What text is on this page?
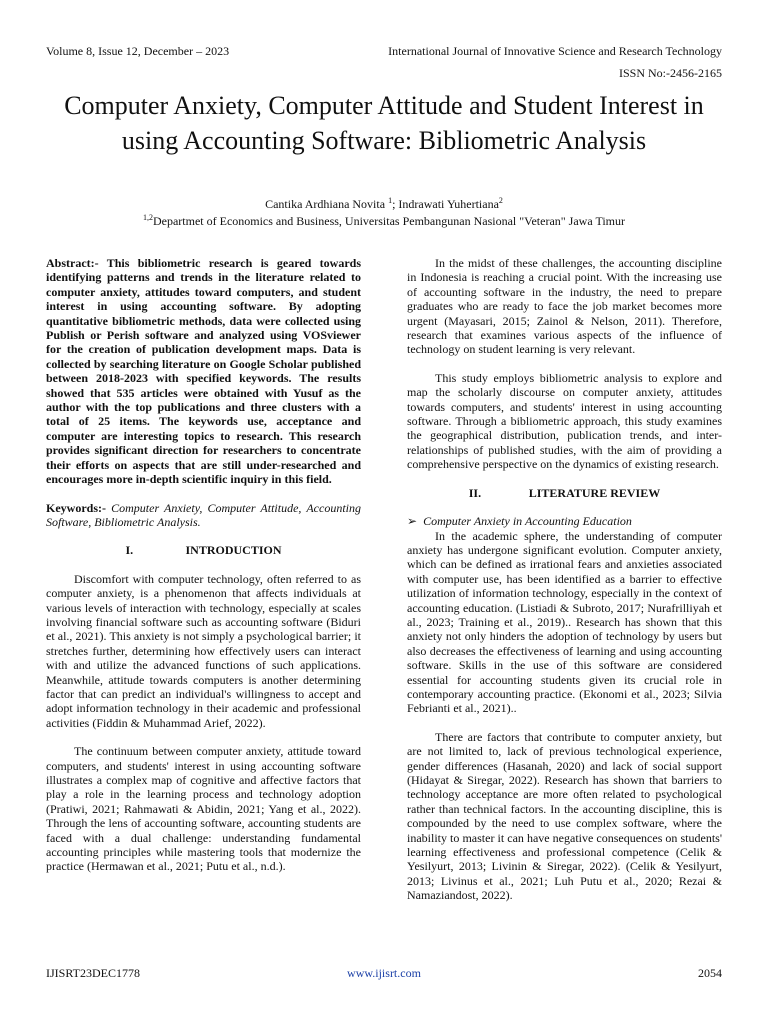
Volume 8, Issue 12, December – 2023	International Journal of Innovative Science and Research Technology
ISSN No:-2456-2165
Computer Anxiety, Computer Attitude and Student Interest in using Accounting Software: Bibliometric Analysis
Cantika Ardhiana Novita $^1$; Indrawati Yuhertiana$^2$
$^{1,2}$Departmet of Economics and Business, Universitas Pembangunan Nasional "Veteran" Jawa Timur

Abstract:- This bibliometric research is geared towards identifying patterns and trends in the literature related to computer anxiety, attitudes toward computers, and student interest in using accounting software. By adopting quantitative bibliometric methods, data were collected using Publish or Perish software and analyzed using VOSviewer for the creation of publication development maps. Data is collected by searching literature on Google Scholar published between 2018-2023 with specified keywords. The results showed that 535 articles were obtained with Yusuf as the author with the top publications and three clusters with a total of 25 items. The keywords use, acceptance and computer are interesting topics to research. This research provides significant direction for researchers to concentrate their efforts on aspects that are still under-researched and encourages more in-depth scientific inquiry in this field.

Keywords:- Computer Anxiety, Computer Attitude, Accounting Software, Bibliometric Analysis.

I.	INTRODUCTION

Discomfort with computer technology, often referred to as computer anxiety, is a phenomenon that affects individuals at various levels of interaction with technology, especially at scales involving financial software such as accounting software (Biduri et al., 2021). This anxiety is not simply a psychological barrier; it stretches further, determining how effectively users can interact with and utilize the advanced functions of such applications. Meanwhile, attitude towards computers is another determining factor that can predict an individual's willingness to accept and adopt information technology in their academic and professional activities (Fiddin & Muhammad Arief, 2022).

The continuum between computer anxiety, attitude toward computers, and students' interest in using accounting software illustrates a complex map of cognitive and affective factors that play a role in the learning process and technology adoption (Pratiwi, 2021; Rahmawati & Abidin, 2021; Yang et al., 2022). Through the lens of accounting software, accounting students are faced with a dual challenge: understanding fundamental accounting principles while mastering tools that modernize the practice (Hermawan et al., 2021; Putu et al., n.d.).

In the midst of these challenges, the accounting discipline in Indonesia is reaching a crucial point. With the increasing use of accounting software in the industry, the need to prepare graduates who are ready to face the job market becomes more urgent (Mayasari, 2015; Zainol & Nelson, 2011). Therefore, research that examines various aspects of the influence of technology on student learning is very relevant.

This study employs bibliometric analysis to explore and map the scholarly discourse on computer anxiety, attitudes towards computers, and students' interest in using accounting software. Through a bibliometric approach, this study examines the geographical distribution, publication trends, and inter- relationships of published studies, with the aim of providing a comprehensive perspective on the dynamics of existing research.

II.	LITERATURE REVIEW

➢ Computer Anxiety in Accounting Education

In the academic sphere, the understanding of computer anxiety has undergone significant evolution. Computer anxiety, which can be defined as irrational fears and anxieties associated with computer use, has been identified as a barrier to effective utilization of information technology, especially in the context of accounting education. (Listiadi & Subroto, 2017; Nurafrilliyah et al., 2023; Training et al., 2019).. Research has shown that this anxiety not only hinders the adoption of technology by users but also decreases the effectiveness of learning and using accounting software. Skills in the use of this software are considered essential for accounting students given its crucial role in contemporary accounting practice. (Ekonomi et al., 2023; Silvia Febrianti et al., 2021)..

There are factors that contribute to computer anxiety, but are not limited to, lack of previous technological experience, gender differences (Hasanah, 2020) and lack of social support (Hidayat & Siregar, 2022). Research has shown that barriers to technology acceptance are more often related to psychological rather than technical factors. In the accounting discipline, this is compounded by the need to use complex software, where the inability to master it can have negative consequences on students' learning effectiveness and professional competence (Celik & Yesilyurt, 2013; Livinin & Siregar, 2022). (Celik & Yesilyurt, 2013; Livinus et al., 2021; Luh Putu et al., 2020; Rezai & Namaziandost, 2022).

IJISRT23DEC1778	www.ijisrt.com	2054
